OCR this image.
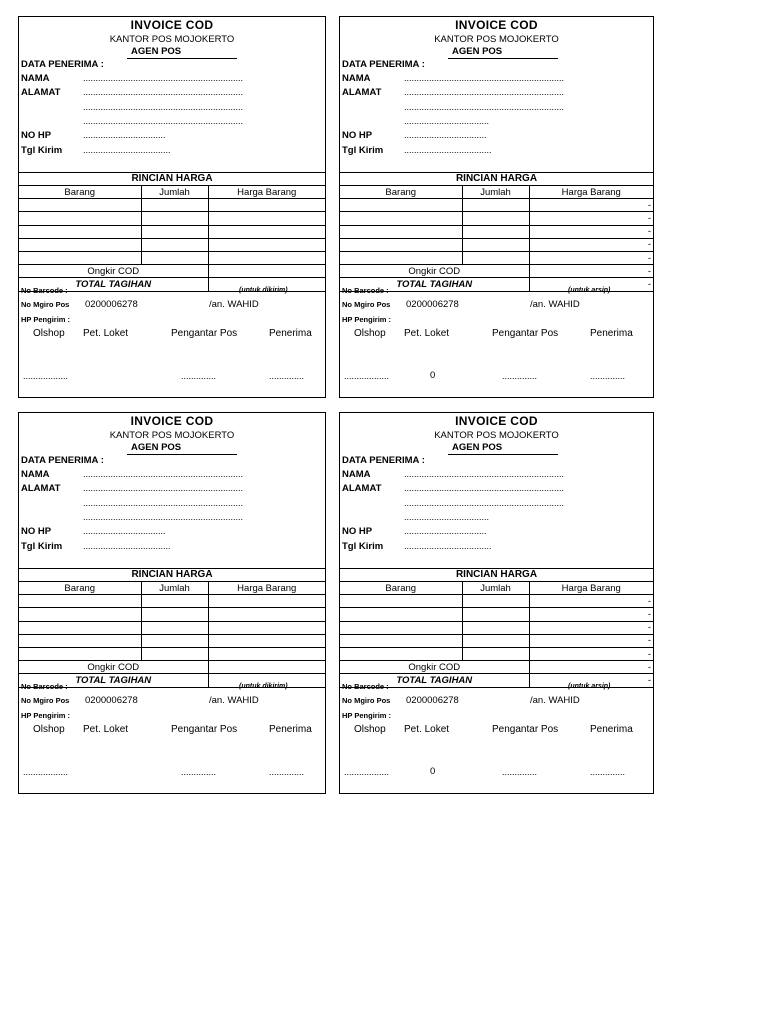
INVOICE COD
KANTOR POS MOJOKERTO
AGEN POS
DATA PENERIMA :
NAMA	................................................................
ALAMAT	................................................................
................................................................
................................................................
NO HP	.................................
Tgl Kirim ...................................
RINCIAN HARGA
Barang	Jumlah	Harga Barang

Ongkir COD		
TOTAL TAGIHAN		
No Barcode :	(untuk dikirim)
No Mgiro Pos 0200006278	/an. WAHID
HP Pengirim :
Olshop Pet. Loket	Pengantar Pos	Penerima
..................	..............	..............
INVOICE COD
KANTOR POS MOJOKERTO
AGEN POS
DATA PENERIMA :
NAMA	................................................................
ALAMAT	................................................................
................................................................
..................................
NO HP	.................................
Tgl Kirim ...................................
RINCIAN HARGA
Barang	Jumlah	Harga Barang
		-
		-
		-
		-
		-
Ongkir COD		-
TOTAL TAGIHAN		-
No Barcode :	(untuk arsip)
No Mgiro Pos 0200006278	/an. WAHID
HP Pengirim :
Olshop Pet. Loket	Pengantar Pos	Penerima
..................	0	..............	..............
INVOICE COD
KANTOR POS MOJOKERTO
AGEN POS
DATA PENERIMA :
NAMA	................................................................
ALAMAT	................................................................
................................................................
................................................................
NO HP	.................................
Tgl Kirim ...................................
RINCIAN HARGA
Barang	Jumlah	Harga Barang

Ongkir COD		
TOTAL TAGIHAN		
No Barcode :	(untuk dikirim)
No Mgiro Pos 0200006278	/an. WAHID
HP Pengirim :
Olshop Pet. Loket	Pengantar Pos	Penerima
..................	..............	..............
INVOICE COD
KANTOR POS MOJOKERTO
AGEN POS
DATA PENERIMA :
NAMA	................................................................
ALAMAT	................................................................
................................................................
..................................
NO HP	.................................
Tgl Kirim ...................................
RINCIAN HARGA
Barang	Jumlah	Harga Barang
		-
		-
		-
		-
		-
Ongkir COD		-
TOTAL TAGIHAN		-
No Barcode :	(untuk arsip)
No Mgiro Pos 0200006278	/an. WAHID
HP Pengirim :
Olshop Pet. Loket	Pengantar Pos	Penerima
..................	0	..............	..............
